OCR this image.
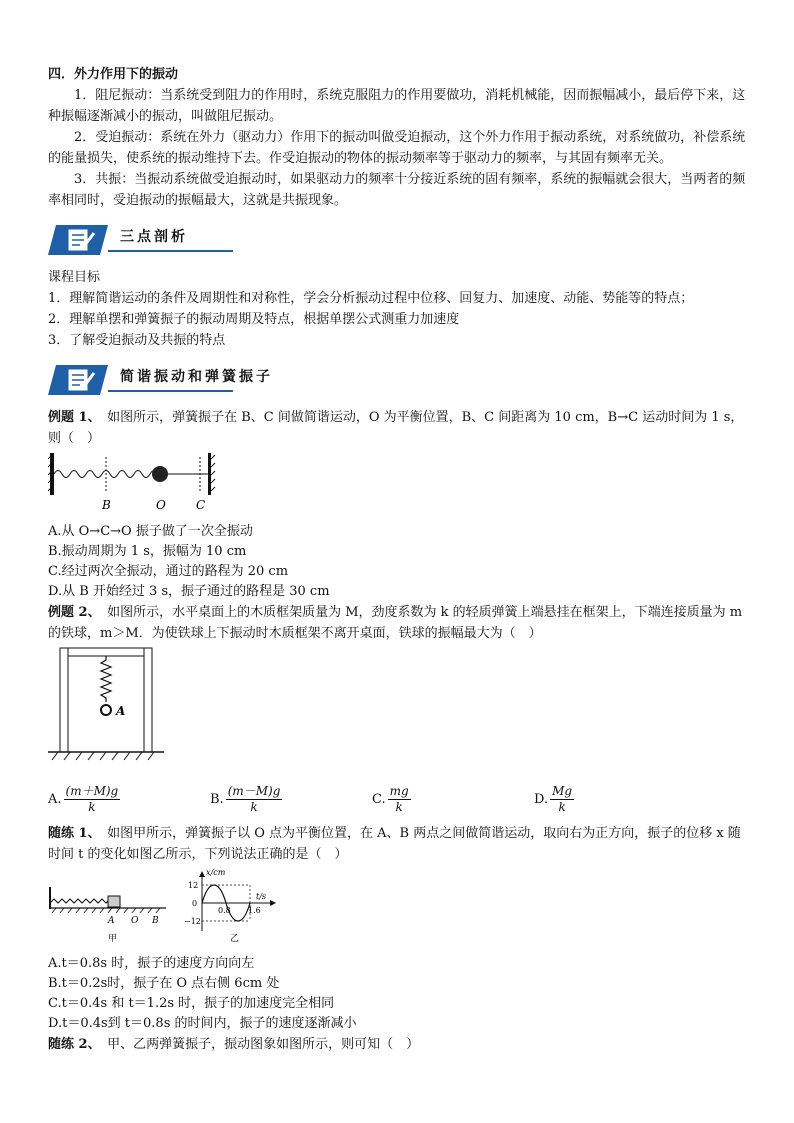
四．外力作用下的振动

1．阻尼振动：当系统受到阻力的作用时，系统克服阻力的作用要做功，消耗机械能，因而振幅减小，最后停下来，这种振幅逐渐减小的振动，叫做阻尼振动。

2．受迫振动：系统在外力（驱动力）作用下的振动叫做受迫振动，这个外力作用于振动系统，对系统做功，补偿系统的能量损失，使系统的振动维持下去。作受迫振动的物体的振动频率等于驱动力的频率，与其固有频率无关。

3．共振：当振动系统做受迫振动时，如果驱动力的频率十分接近系统的固有频率，系统的振幅就会很大，当两者的频率相同时，受迫振动的振幅最大，这就是共振现象。

三点剖析

课程目标

1．理解简谐运动的条件及周期性和对称性，学会分析振动过程中位移、回复力、加速度、动能、势能等的特点；

2．理解单摆和弹簧振子的振动周期及特点，根据单摆公式测重力加速度

3．了解受迫振动及共振的特点

简谐振动和弹簧振子

例题 1、　如图所示，弹簧振子在 B、C 间做简谐运动，O 为平衡位置，B、C 间距离为 10 cm，B→C 运动时间为 1 s，则（　）

B	O	C

A.从 O→C→O 振子做了一次全振动

B.振动周期为 1 s，振幅为 10 cm

C.经过两次全振动，通过的路程为 20 cm

D.从 B 开始经过 3 s，振子通过的路程是 30 cm

例题 2、　如图所示，水平桌面上的木质框架质量为 M，劲度系数为 k 的轻质弹簧上端悬挂在框架上，下端连接质量为 m 的铁球，m＞M．为使铁球上下振动时木质框架不离开桌面，铁球的振幅最大为（　）

A
A. $\frac{(m+M)g}{k}$	B. $\frac{(m-M)g}{k}$	C. $\frac{mg}{k}$	D. $\frac{Mg}{k}$

随练 1、　如图甲所示，弹簧振子以 O 点为平衡位置，在 A、B 两点之间做简谐运动，取向右为正方向，振子的位移 x 随时间 t 的变化如图乙所示，下列说法正确的是（　）

A O B
甲
x/cm
t/s
12
0
−12
0.8 1.6
乙

A.t＝0.8s 时，振子的速度方向向左

B.t＝0.2s时，振子在 O 点右侧 6cm 处

C.t＝0.4s 和 t＝1.2s 时，振子的加速度完全相同

D.t＝0.4s到 t＝0.8s 的时间内，振子的速度逐渐减小

随练 2、　甲、乙两弹簧振子，振动图象如图所示，则可知（　）
